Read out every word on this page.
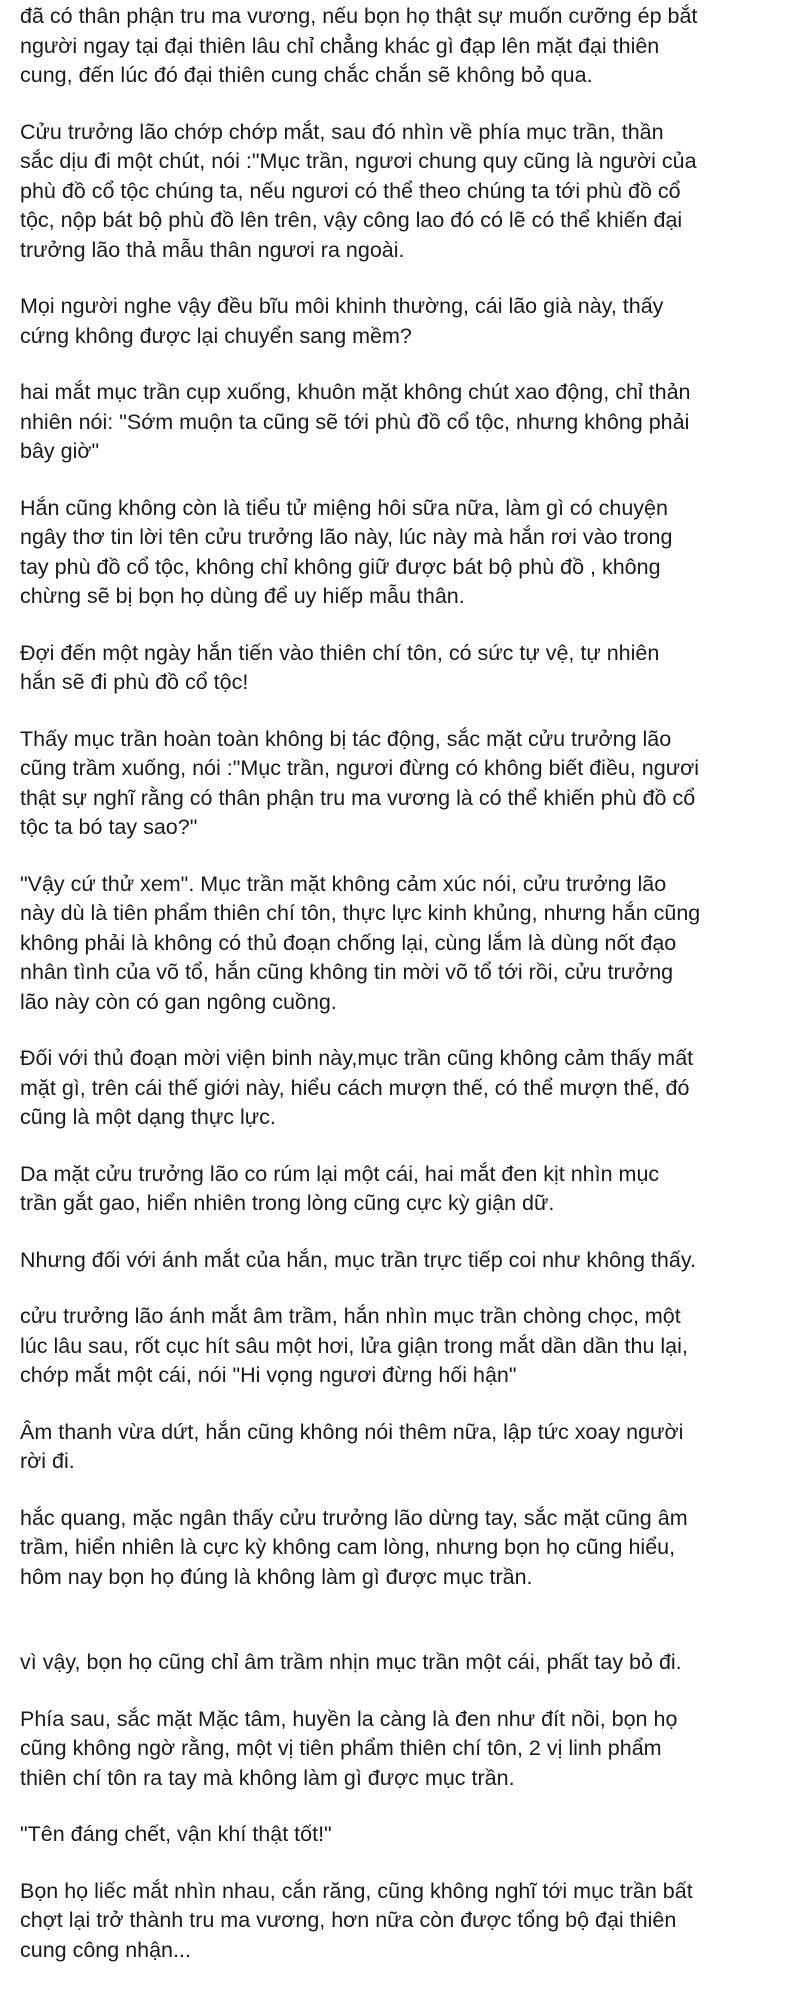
đã có thân phận tru ma vương, nếu bọn họ thật sự muốn cưỡng ép bắt
người ngay tại đại thiên lâu chỉ chẳng khác gì đạp lên mặt đại thiên
cung, đến lúc đó đại thiên cung chắc chắn sẽ không bỏ qua.

Cửu trưởng lão chớp chớp mắt, sau đó nhìn về phía mục trần, thần
sắc dịu đi một chút, nói :"Mục trần, ngươi chung quy cũng là người của
phù đồ cổ tộc chúng ta, nếu ngươi có thể theo chúng ta tới phù đồ cổ
tộc, nộp bát bộ phù đồ lên trên, vậy công lao đó có lẽ có thể khiến đại
trưởng lão thả mẫu thân ngươi ra ngoài.

Mọi người nghe vậy đều bĩu môi khinh thường, cái lão già này, thấy
cứng không được lại chuyển sang mềm?

hai mắt mục trần cụp xuống, khuôn mặt không chút xao động, chỉ thản
nhiên nói: "Sớm muộn ta cũng sẽ tới phù đồ cổ tộc, nhưng không phải
bây giờ"

Hắn cũng không còn là tiểu tử miệng hôi sữa nữa, làm gì có chuyện
ngây thơ tin lời tên cửu trưởng lão này, lúc này mà hắn rơi vào trong
tay phù đồ cổ tộc, không chỉ không giữ được bát bộ phù đồ , không
chừng sẽ bị bọn họ dùng để uy hiếp mẫu thân.

Đợi đến một ngày hắn tiến vào thiên chí tôn, có sức tự vệ, tự nhiên
hắn sẽ đi phù đồ cổ tộc!

Thấy mục trần hoàn toàn không bị tác động, sắc mặt cửu trưởng lão
cũng trầm xuống, nói :"Mục trần, ngươi đừng có không biết điều, ngươi
thật sự nghĩ rằng có thân phận tru ma vương là có thể khiến phù đồ cổ
tộc ta bó tay sao?"

"Vậy cứ thử xem". Mục trần mặt không cảm xúc nói, cửu trưởng lão
này dù là tiên phẩm thiên chí tôn, thực lực kinh khủng, nhưng hắn cũng
không phải là không có thủ đoạn chống lại, cùng lắm là dùng nốt đạo
nhân tình của võ tổ, hắn cũng không tin mời võ tổ tới rồi, cửu trưởng
lão này còn có gan ngông cuồng.

Đối với thủ đoạn mời viện binh này,mục trần cũng không cảm thấy mất
mặt gì, trên cái thế giới này, hiểu cách mượn thế, có thể mượn thế, đó
cũng là một dạng thực lực.

Da mặt cửu trưởng lão co rúm lại một cái, hai mắt đen kịt nhìn mục
trần gắt gao, hiển nhiên trong lòng cũng cực kỳ giận dữ.

Nhưng đối với ánh mắt của hắn, mục trần trực tiếp coi như không thấy.

cửu trưởng lão ánh mắt âm trầm, hắn nhìn mục trần chòng chọc, một
lúc lâu sau, rốt cục hít sâu một hơi, lửa giận trong mắt dần dần thu lại,
chớp mắt một cái, nói "Hi vọng ngươi đừng hối hận"

Âm thanh vừa dứt, hắn cũng không nói thêm nữa, lập tức xoay người
rời đi.

hắc quang, mặc ngân thấy cửu trưởng lão dừng tay, sắc mặt cũng âm
trầm, hiển nhiên là cực kỳ không cam lòng, nhưng bọn họ cũng hiểu,
hôm nay bọn họ đúng là không làm gì được mục trần.

vì vậy, bọn họ cũng chỉ âm trầm nhịn mục trần một cái, phất tay bỏ đi.

Phía sau, sắc mặt Mặc tâm, huyền la càng là đen như đít nồi, bọn họ
cũng không ngờ rằng, một vị tiên phẩm thiên chí tôn, 2 vị linh phẩm
thiên chí tôn ra tay mà không làm gì được mục trần.

"Tên đáng chết, vận khí thật tốt!"

Bọn họ liếc mắt nhìn nhau, cắn răng, cũng không nghĩ tới mục trần bất
chợt lại trở thành tru ma vương, hơn nữa còn được tổng bộ đại thiên
cung công nhận...
